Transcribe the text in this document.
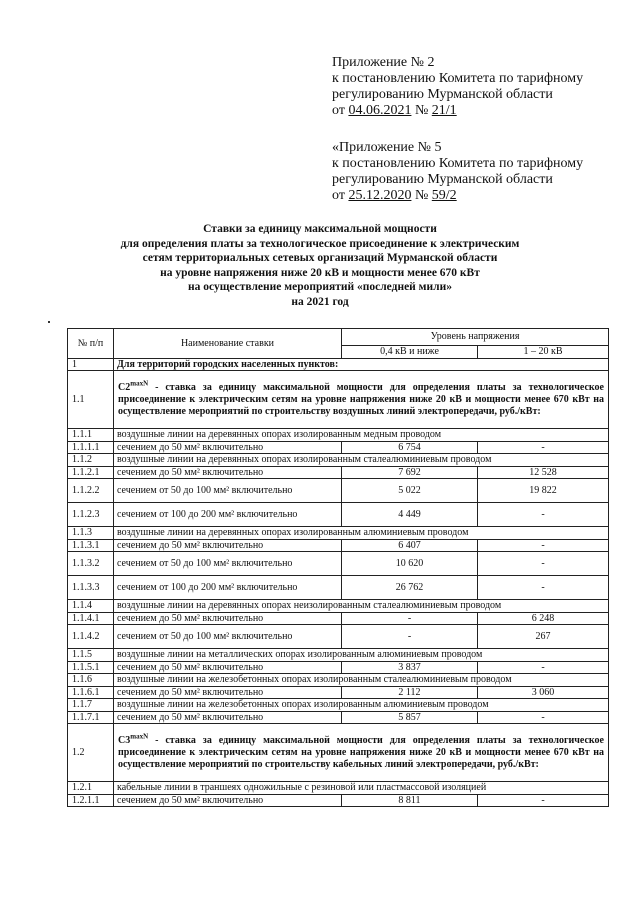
Приложение № 2
к постановлению Комитета по тарифному
регулированию Мурманской области
от 04.06.2021 № 21/1
«Приложение № 5
к постановлению Комитета по тарифному
регулированию Мурманской области
от 25.12.2020 № 59/2
Ставки за единицу максимальной мощности
для определения платы за технологическое присоединение к электрическим
сетям территориальных сетевых организаций Мурманской области
на уровне напряжения ниже 20 кВ и мощности менее 670 кВт
на осуществление мероприятий «последней мили»
на 2021 год
№ п/п	Наименование ставки	Уровень напряжения	
		0,4 кВ и ниже	1 – 20 кВ
1	Для территорий городских населенных пунктов:		
1.1	$С2^{maxN}$ - ставка за единицу максимальной мощности для определения платы за технологическое присоединение к электрическим сетям на уровне напряжения ниже 20 кВ и мощности менее 670 кВт на осуществление мероприятий по строительству воздушных линий электропередачи, руб./кВт:		
1.1.1	воздушные линии на деревянных опорах изолированным медным проводом		
1.1.1.1	сечением до 50 мм² включительно	6 754	-
1.1.2	воздушные линии на деревянных опорах изолированным сталеалюминиевым проводом		
1.1.2.1	сечением до 50 мм² включительно	7 692	12 528
1.1.2.2	сечением от 50 до 100 мм² включительно	5 022	19 822
1.1.2.3	сечением от 100 до 200 мм² включительно	4 449	-
1.1.3	воздушные линии на деревянных опорах изолированным алюминиевым проводом		
1.1.3.1	сечением до 50 мм² включительно	6 407	-
1.1.3.2	сечением от 50 до 100 мм² включительно	10 620	-
1.1.3.3	сечением от 100 до 200 мм² включительно	26 762	-
1.1.4	воздушные линии на деревянных опорах неизолированным сталеалюминиевым проводом		
1.1.4.1	сечением до 50 мм² включительно	-	6 248
1.1.4.2	сечением от 50 до 100 мм² включительно	-	267
1.1.5	воздушные линии на металлических опорах изолированным алюминиевым проводом		
1.1.5.1	сечением до 50 мм² включительно	3 837	-
1.1.6	воздушные линии на железобетонных опорах изолированным сталеалюминиевым проводом		
1.1.6.1	сечением до 50 мм² включительно	2 112	3 060
1.1.7	воздушные линии на железобетонных опорах изолированным алюминиевым проводом		
1.1.7.1	сечением до 50 мм² включительно	5 857	-
1.2	$С3^{maxN}$ - ставка за единицу максимальной мощности для определения платы за технологическое присоединение к электрическим сетям на уровне напряжения ниже 20 кВ и мощности менее 670 кВт на осуществление мероприятий по строительству кабельных линий электропередачи, руб./кВт:		
1.2.1	кабельные линии в траншеях одножильные с резиновой или пластмассовой изоляцией		
1.2.1.1	сечением до 50 мм² включительно	8 811	-
